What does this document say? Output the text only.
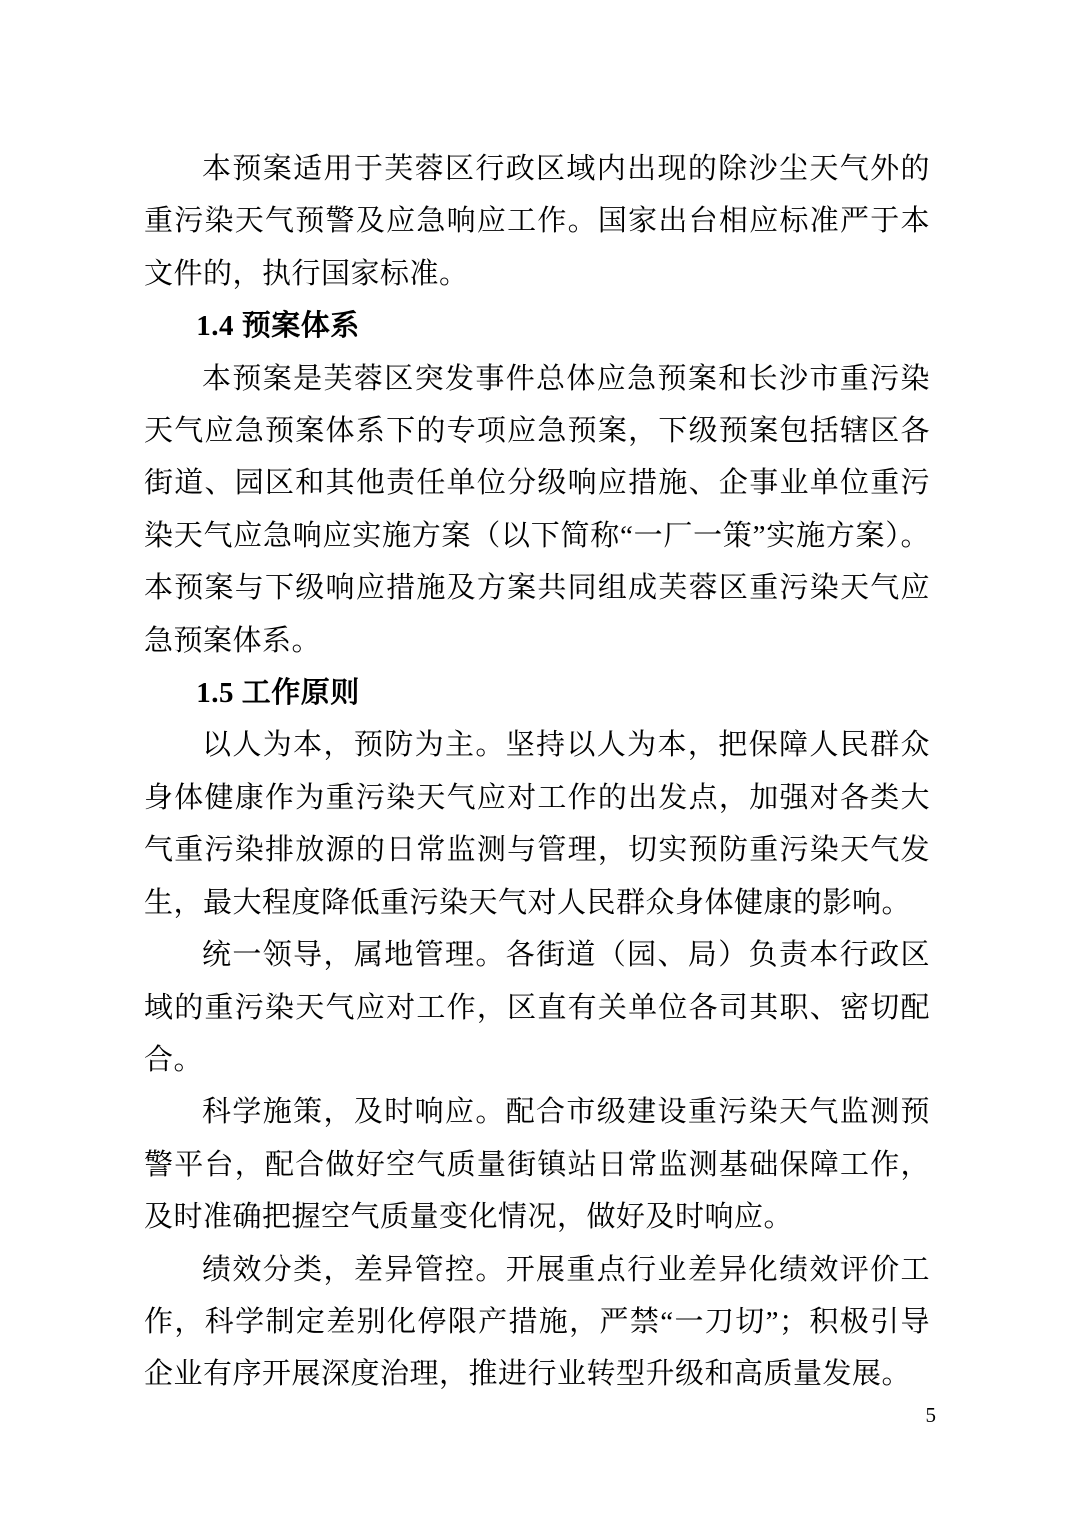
本预案适用于芙蓉区行政区域内出现的除沙尘天气外的重污染天气预警及应急响应工作。国家出台相应标准严于本文件的，执行国家标准。

1.4 预案体系

本预案是芙蓉区突发事件总体应急预案和长沙市重污染天气应急预案体系下的专项应急预案，下级预案包括辖区各街道、园区和其他责任单位分级响应措施、企事业单位重污染天气应急响应实施方案（以下简称“一厂一策”实施方案）。本预案与下级响应措施及方案共同组成芙蓉区重污染天气应急预案体系。

1.5 工作原则

以人为本，预防为主。坚持以人为本，把保障人民群众身体健康作为重污染天气应对工作的出发点，加强对各类大气重污染排放源的日常监测与管理，切实预防重污染天气发生，最大程度降低重污染天气对人民群众身体健康的影响。

统一领导，属地管理。各街道（园、局）负责本行政区域的重污染天气应对工作，区直有关单位各司其职、密切配合。

科学施策，及时响应。配合市级建设重污染天气监测预警平台，配合做好空气质量街镇站日常监测基础保障工作，及时准确把握空气质量变化情况，做好及时响应。

绩效分类，差异管控。开展重点行业差异化绩效评价工作，科学制定差别化停限产措施，严禁“一刀切”；积极引导企业有序开展深度治理，推进行业转型升级和高质量发展。

5
